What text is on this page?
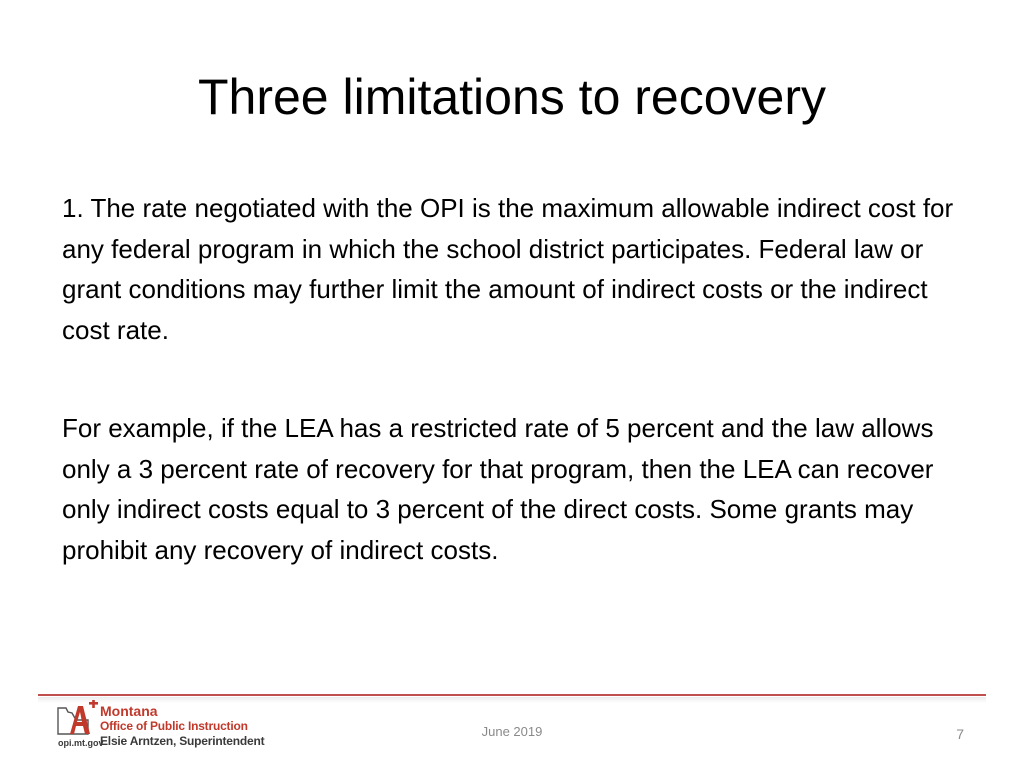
Three limitations to recovery
1. The rate negotiated with the OPI is the maximum allowable indirect cost for any federal program in which the school district participates. Federal law or grant conditions may further limit the amount of indirect costs or the indirect cost rate.
For example, if the LEA has a restricted rate of 5 percent and the law allows only a 3 percent rate of recovery for that program, then the LEA can recover only indirect costs equal to 3 percent of the direct costs. Some grants may prohibit any recovery of indirect costs.
Montana
Office of Public Instruction
Elsie Arntzen, Superintendent
opi.mt.gov
June 2019	7
